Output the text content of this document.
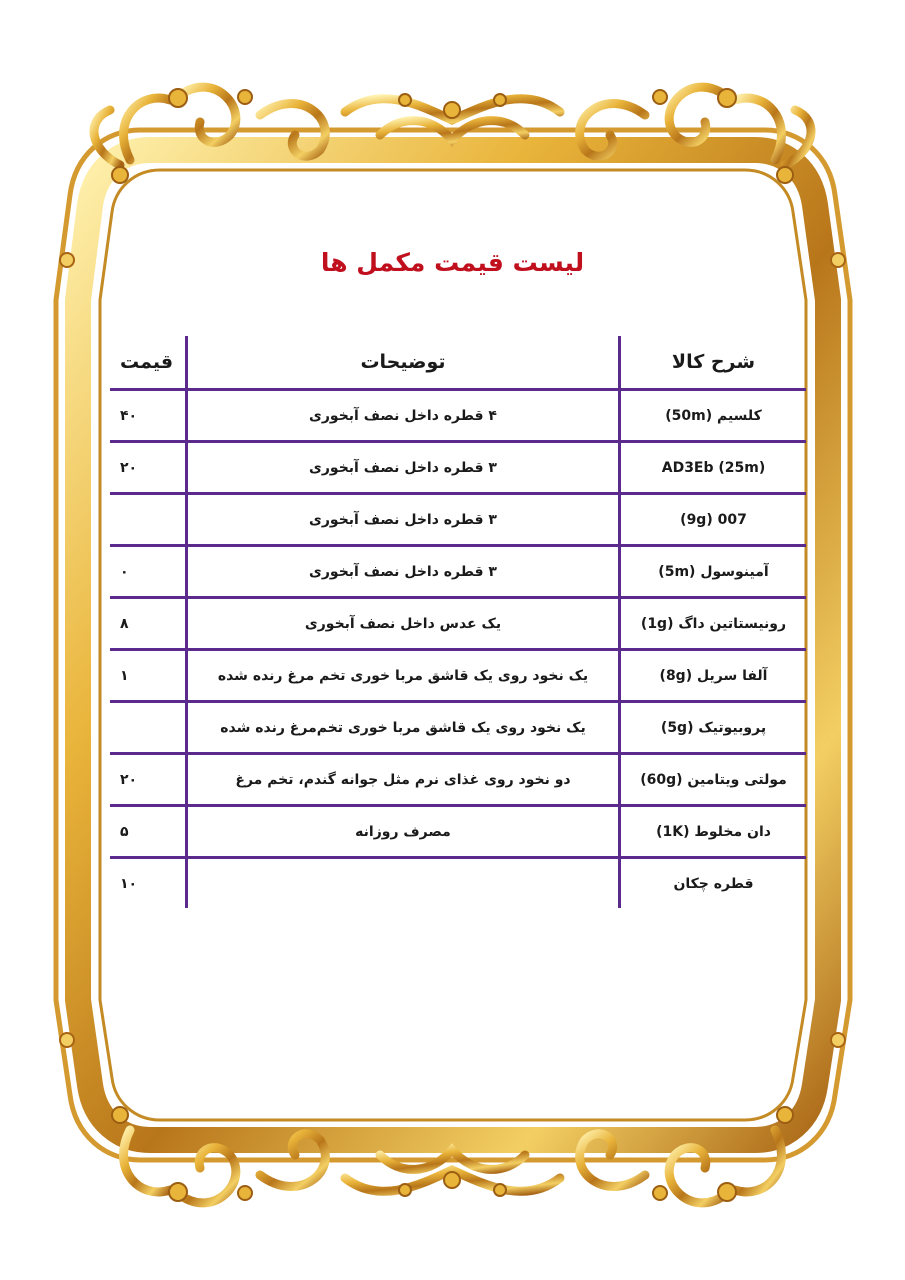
لیست قیمت مکمل ها
شرح کالا	توضیحات	قیمت
کلسیم (50m)	۴ قطره داخل نصف آبخوری	۴۰
AD3Eb (25m)	۳ قطره داخل نصف آبخوری	۲۰
007 (9g)	۳ قطره داخل نصف آبخوری	
آمینوسول (5m)	۳ قطره داخل نصف آبخوری	۰
رونیستاتین داگ (1g)	یک عدس داخل نصف آبخوری	۸
آلفا سریل (8g)	یک نخود روی یک قاشق مربا خوری تخم مرغ رنده شده	۱
پروبیوتیک (5g)	یک نخود روی یک قاشق مربا خوری تخم‌مرغ رنده شده	
مولتی ویتامین (60g)	دو نخود روی غذای نرم مثل جوانه گندم، تخم مرغ	۲۰
دان مخلوط (1K)	مصرف روزانه	۵
قطره چکان		۱۰
